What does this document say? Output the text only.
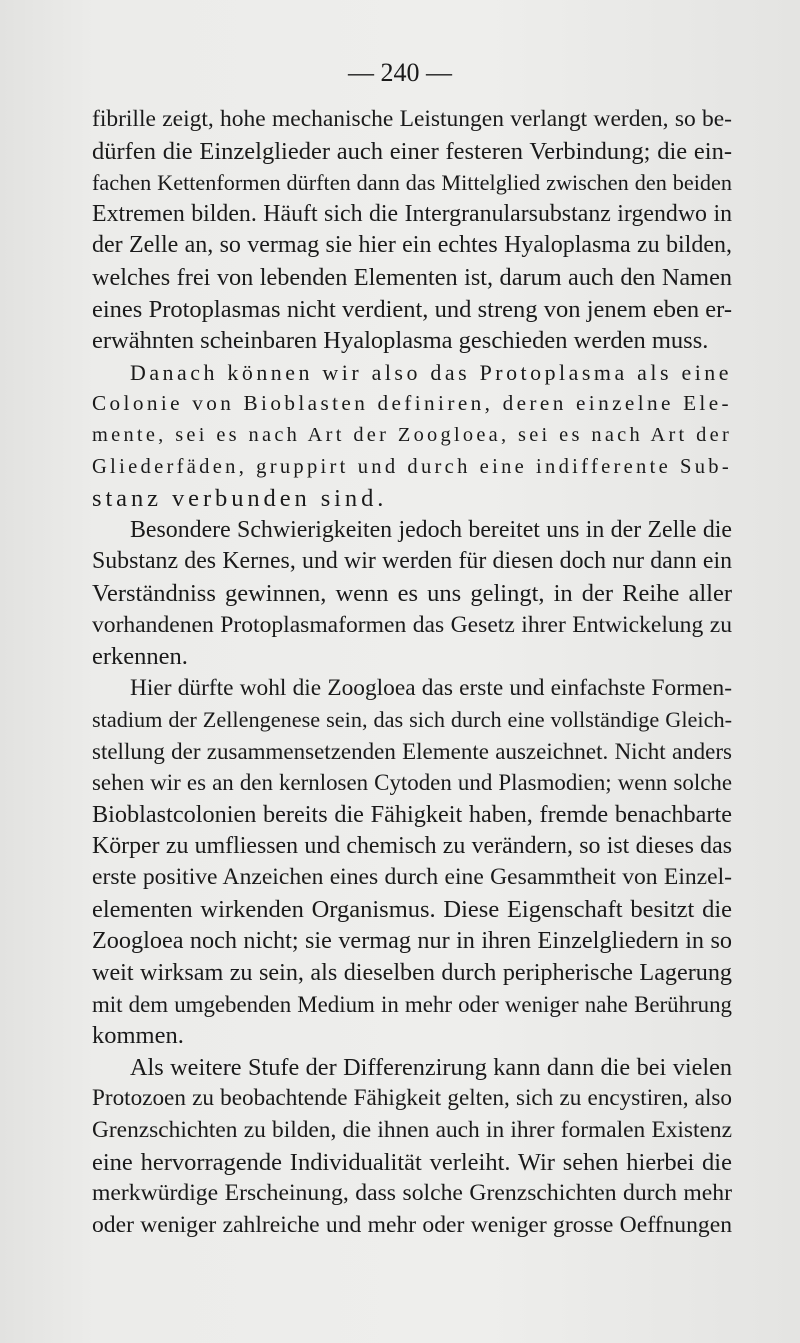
— 240 —
fibrille zeigt, hohe mechanische Leistungen verlangt werden, so be-
dürfen die Einzelglieder auch einer festeren Verbindung; die ein-
fachen Kettenformen dürften dann das Mittelglied zwischen den beiden
Extremen bilden. Häuft sich die Intergranularsubstanz irgendwo in
der Zelle an, so vermag sie hier ein echtes Hyaloplasma zu bilden,
welches frei von lebenden Elementen ist, darum auch den Namen
eines Protoplasmas nicht verdient, und streng von jenem eben er-
erwähnten scheinbaren Hyaloplasma geschieden werden muss.
Danach können wir also das Protoplasma als eine
Colonie von Bioblasten definiren, deren einzelne Ele-
mente, sei es nach Art der Zoogloea, sei es nach Art der
Gliederfäden, gruppirt und durch eine indifferente Sub-
stanz verbunden sind.
Besondere Schwierigkeiten jedoch bereitet uns in der Zelle die
Substanz des Kernes, und wir werden für diesen doch nur dann ein
Verständniss gewinnen, wenn es uns gelingt, in der Reihe aller
vorhandenen Protoplasmaformen das Gesetz ihrer Entwickelung zu
erkennen.
Hier dürfte wohl die Zoogloea das erste und einfachste Formen-
stadium der Zellengenese sein, das sich durch eine vollständige Gleich-
stellung der zusammensetzenden Elemente auszeichnet. Nicht anders
sehen wir es an den kernlosen Cytoden und Plasmodien; wenn solche
Bioblastcolonien bereits die Fähigkeit haben, fremde benachbarte
Körper zu umfliessen und chemisch zu verändern, so ist dieses das
erste positive Anzeichen eines durch eine Gesammtheit von Einzel-
elementen wirkenden Organismus. Diese Eigenschaft besitzt die
Zoogloea noch nicht; sie vermag nur in ihren Einzelgliedern in so
weit wirksam zu sein, als dieselben durch peripherische Lagerung
mit dem umgebenden Medium in mehr oder weniger nahe Berührung
kommen.
Als weitere Stufe der Differenzirung kann dann die bei vielen
Protozoen zu beobachtende Fähigkeit gelten, sich zu encystiren, also
Grenzschichten zu bilden, die ihnen auch in ihrer formalen Existenz
eine hervorragende Individualität verleiht. Wir sehen hierbei die
merkwürdige Erscheinung, dass solche Grenzschichten durch mehr
oder weniger zahlreiche und mehr oder weniger grosse Oeffnungen
